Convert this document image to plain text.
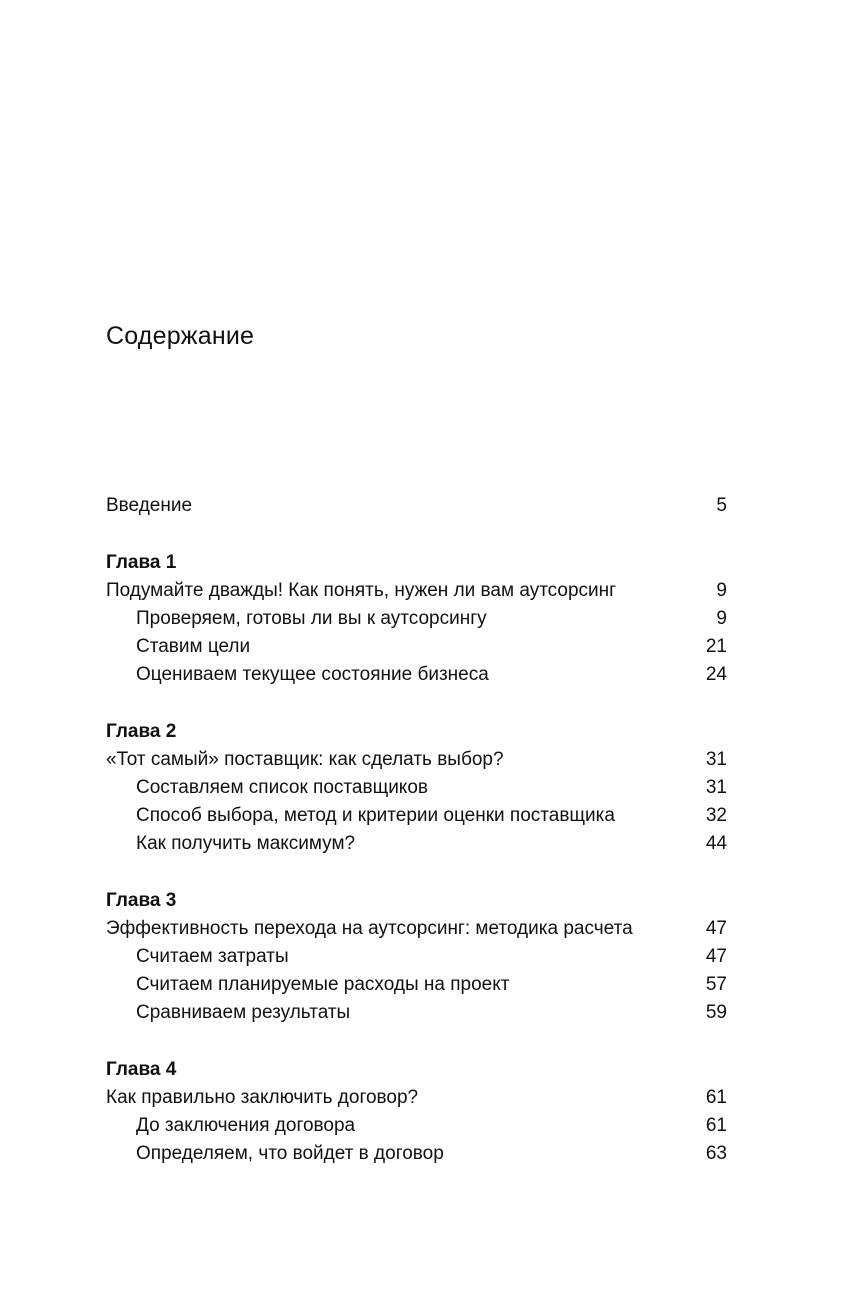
Содержание
Введение	5
Глава 1
Подумайте дважды! Как понять, нужен ли вам аутсорсинг	9
Проверяем, готовы ли вы к аутсорсингу	9
Ставим цели	21
Оцениваем текущее состояние бизнеса	24
Глава 2
«Тот самый» поставщик: как сделать выбор?	31
Составляем список поставщиков	31
Способ выбора, метод и критерии оценки поставщика	32
Как получить максимум?	44
Глава 3
Эффективность перехода на аутсорсинг: методика расчета	47
Считаем затраты	47
Считаем планируемые расходы на проект	57
Сравниваем результаты	59
Глава 4
Как правильно заключить договор?	61
До заключения договора	61
Определяем, что войдет в договор	63
